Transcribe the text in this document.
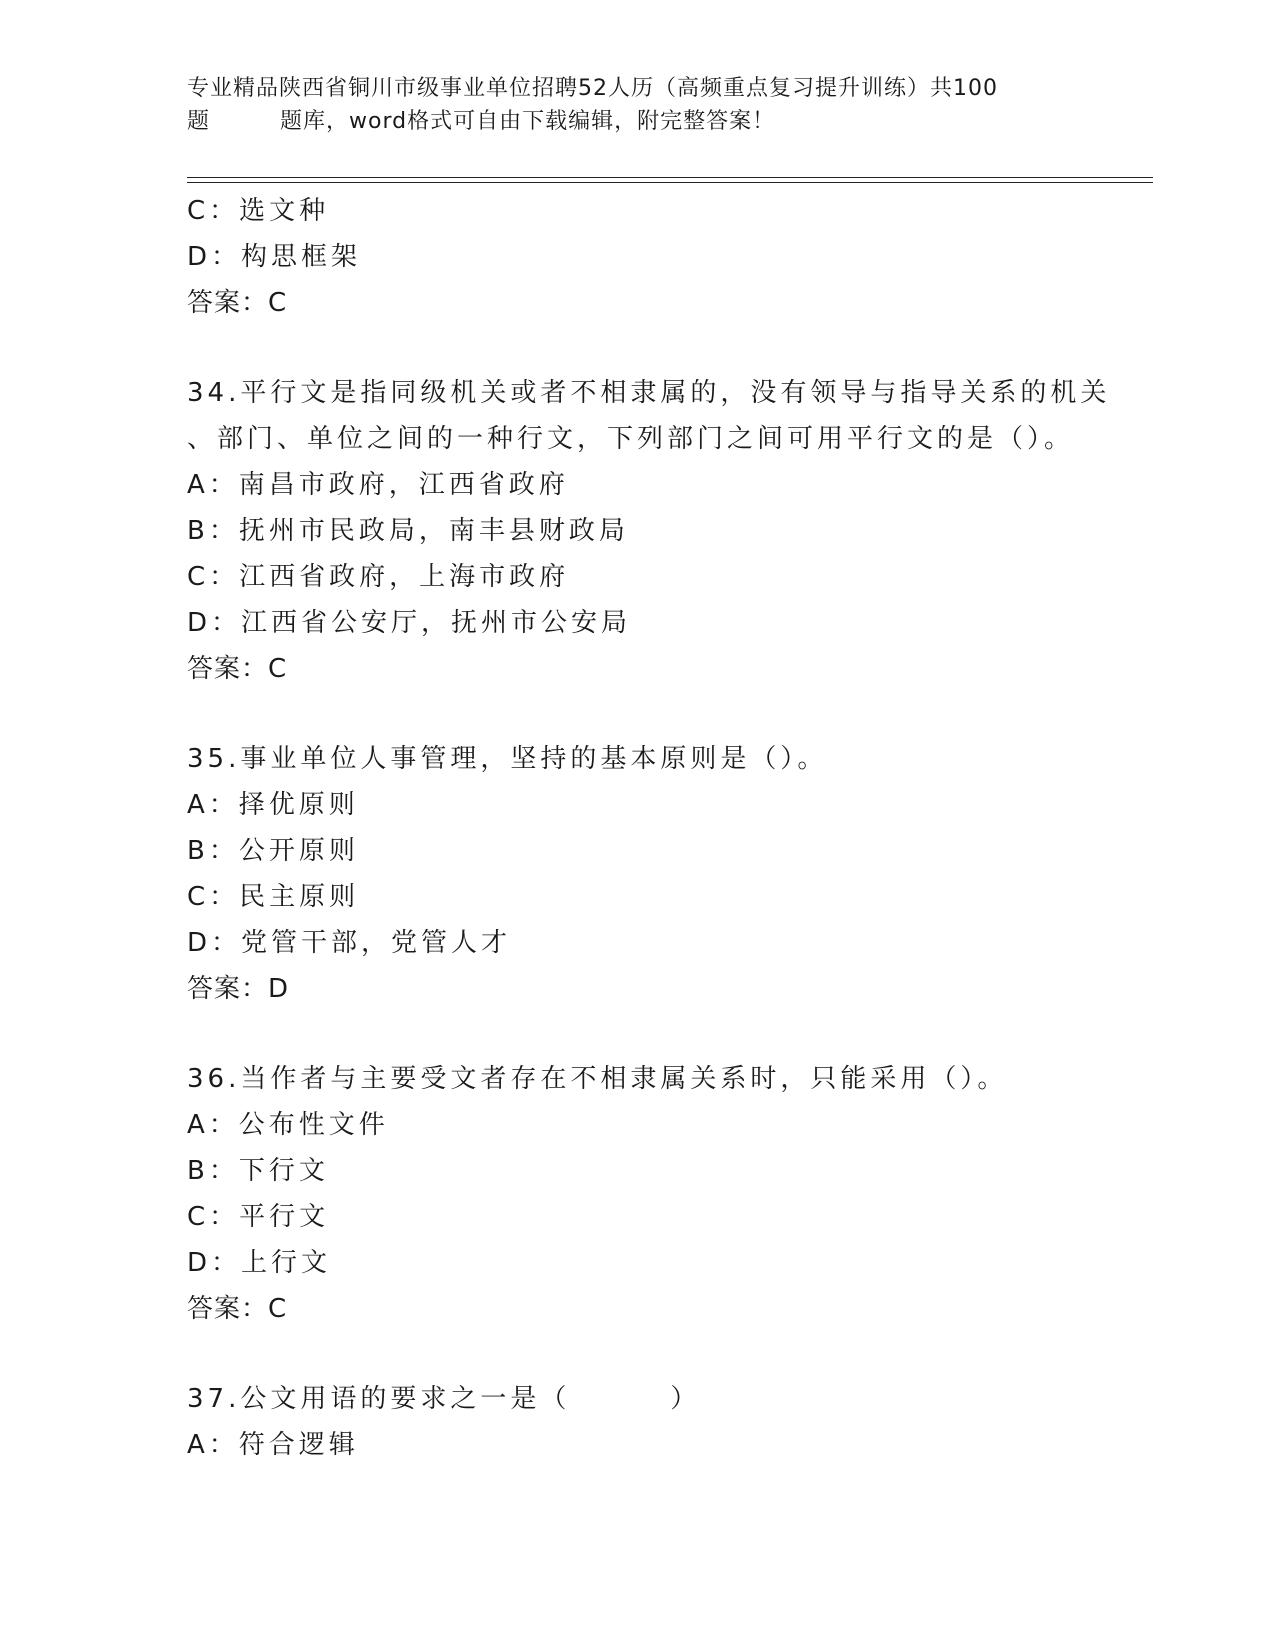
专业精品陕西省铜川市级事业单位招聘52人历（高频重点复习提升训练）共100
题	题库，word格式可自由下载编辑，附完整答案！
C：选文种
D：构思框架
答案：C
34.平行文是指同级机关或者不相隶属的，没有领导与指导关系的机关
、部门、单位之间的一种行文，下列部门之间可用平行文的是（）。
A：南昌市政府，江西省政府
B：抚州市民政局，南丰县财政局
C：江西省政府，上海市政府
D：江西省公安厅，抚州市公安局
答案：C
35.事业单位人事管理，坚持的基本原则是（）。
A：择优原则
B：公开原则
C：民主原则
D：党管干部，党管人才
答案：D
36.当作者与主要受文者存在不相隶属关系时，只能采用（）。
A：公布性文件
B：下行文
C：平行文
D：上行文
答案：C
37.公文用语的要求之一是（	）
A：符合逻辑
